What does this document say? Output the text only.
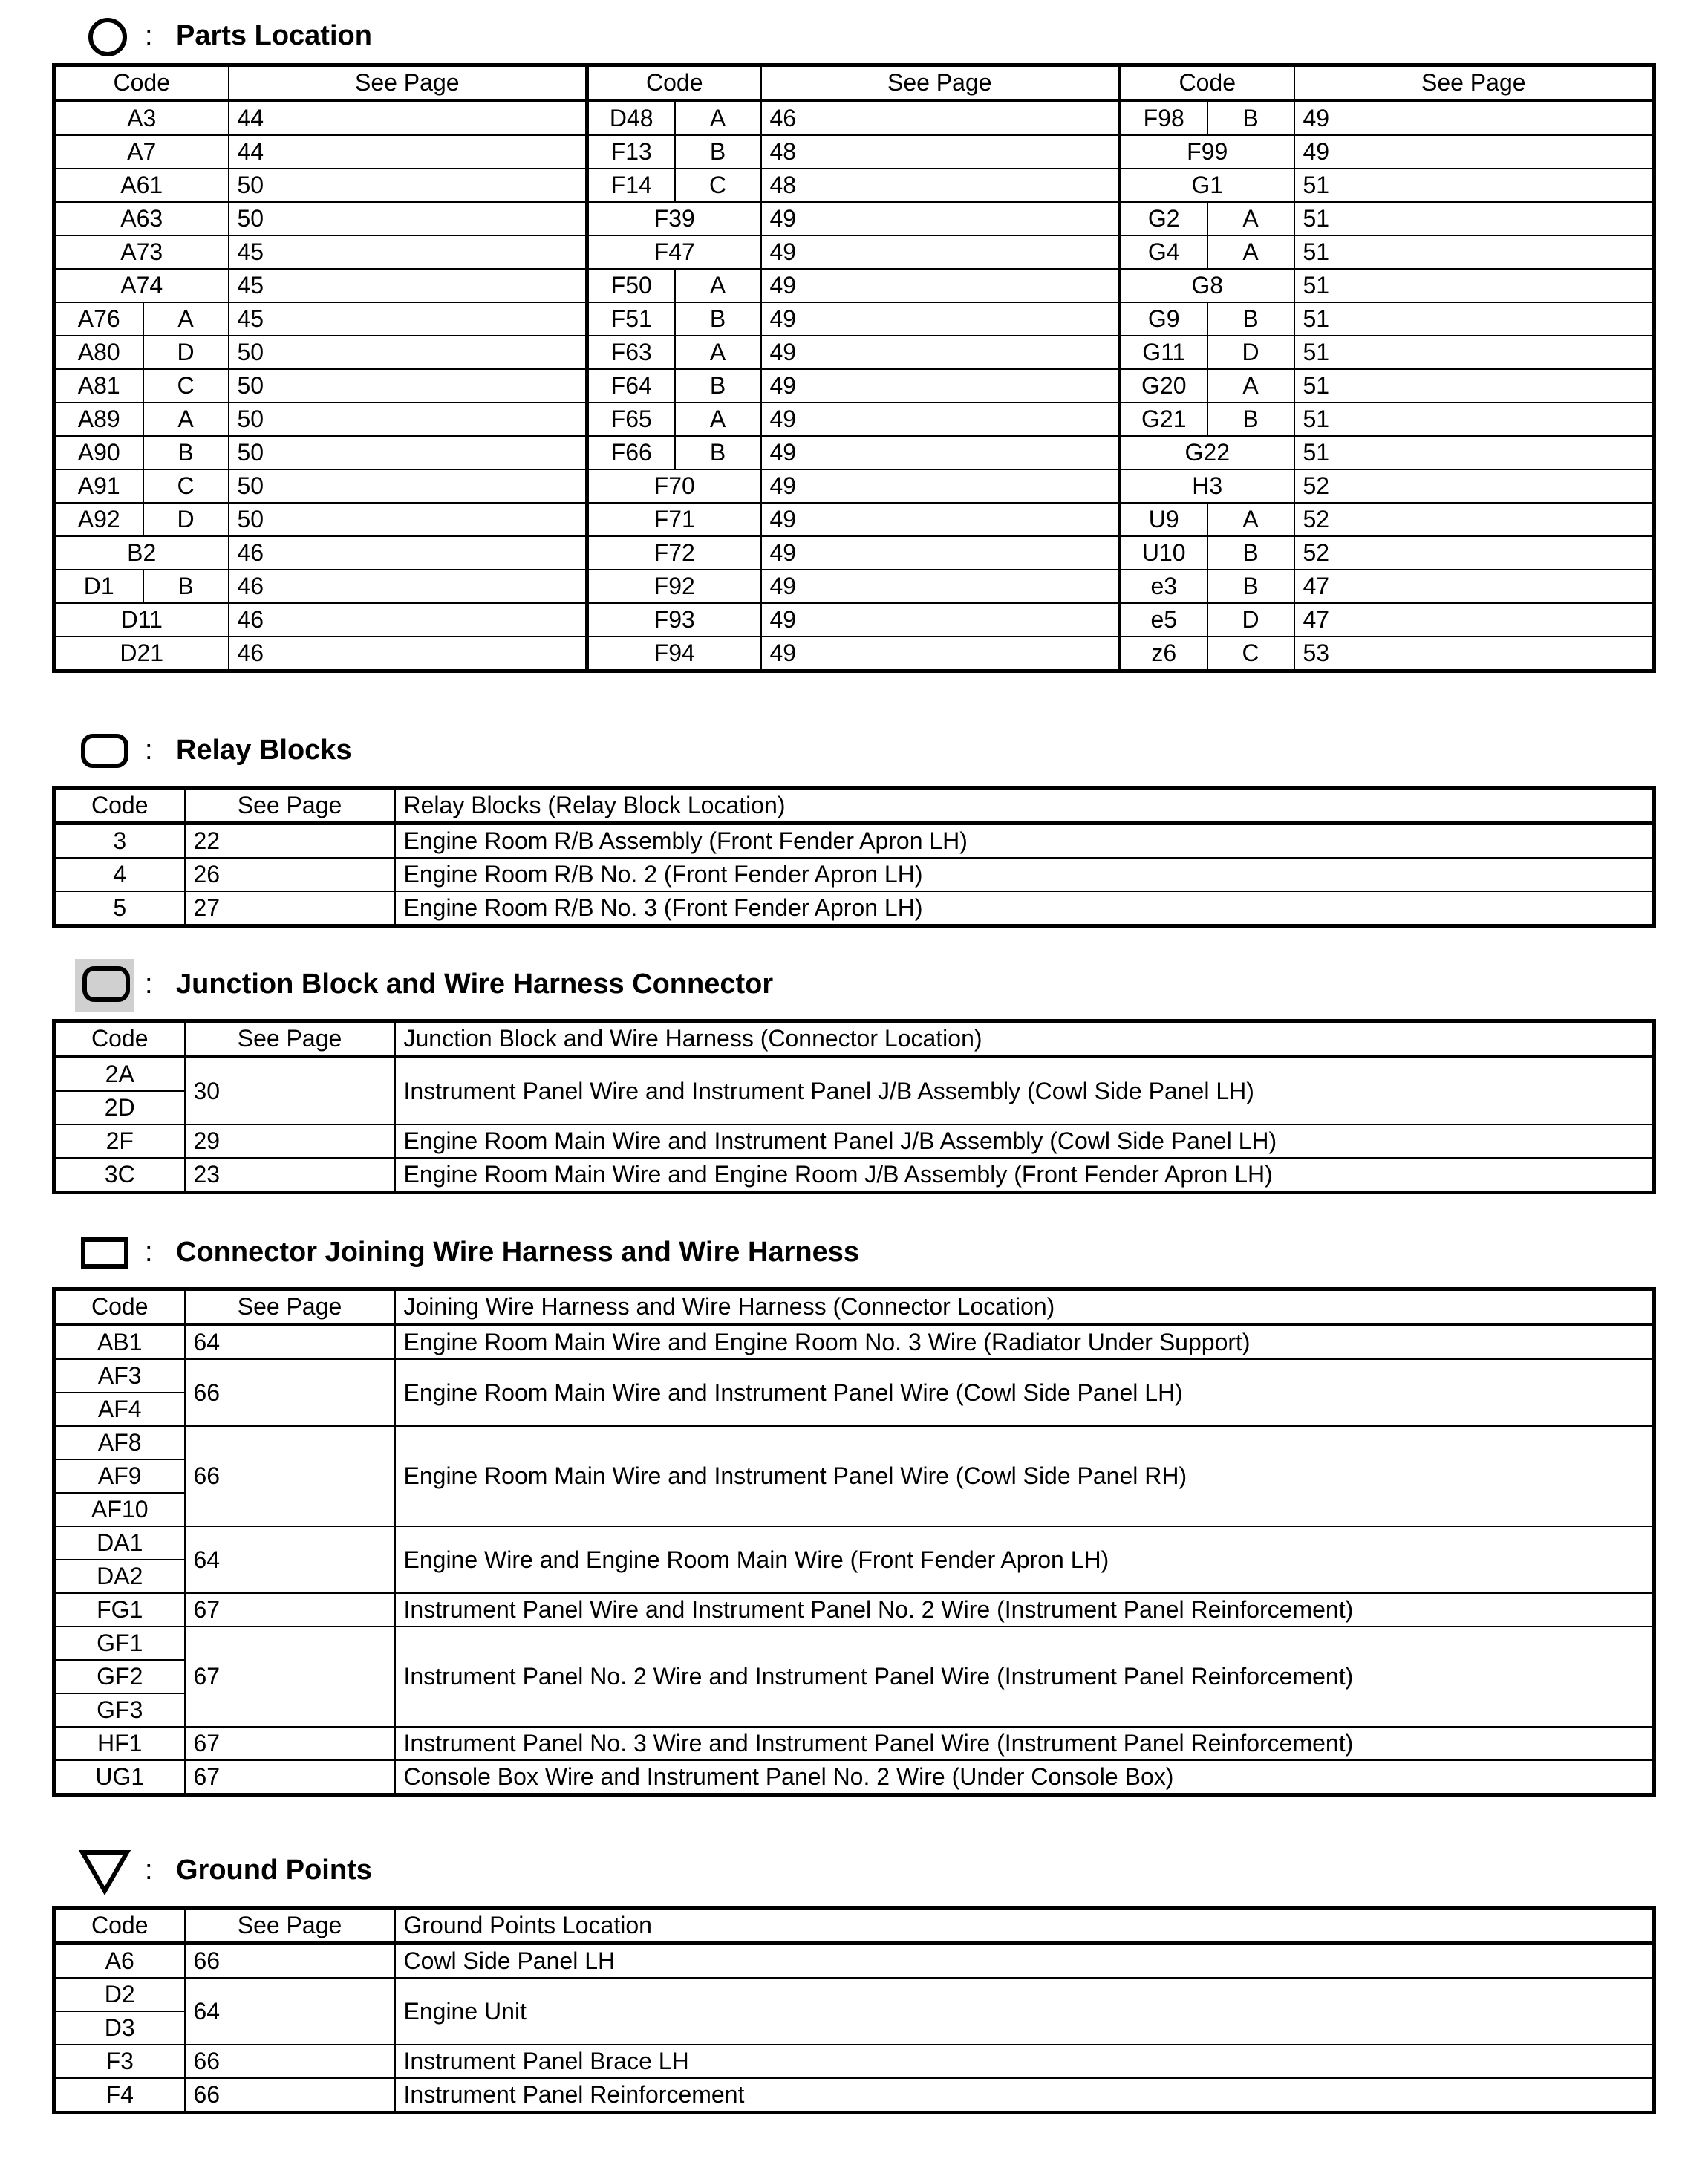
: Parts Location
Code		See Page	Code		See Page	Code		See Page
A3		44	D48	A	46	F98	B	49
A7		44	F13	B	48	F99		49
A61		50	F14	C	48	G1		51
A63		50	F39		49	G2	A	51
A73		45	F47		49	G4	A	51
A74		45	F50	A	49	G8		51
A76	A	45	F51	B	49	G9	B	51
A80	D	50	F63	A	49	G11	D	51
A81	C	50	F64	B	49	G20	A	51
A89	A	50	F65	A	49	G21	B	51
A90	B	50	F66	B	49	G22		51
A91	C	50	F70		49	H3		52
A92	D	50	F71		49	U9	A	52
B2		46	F72		49	U10	B	52
D1	B	46	F92		49	e3	B	47
D11		46	F93		49	e5	D	47
D21		46	F94		49	z6	C	53
: Relay Blocks
Code	See Page	Relay Blocks (Relay Block Location)
3	22	Engine Room R/B Assembly (Front Fender Apron LH)
4	26	Engine Room R/B No. 2 (Front Fender Apron LH)
5	27	Engine Room R/B No. 3 (Front Fender Apron LH)
: Junction Block and Wire Harness Connector
Code	See Page	Junction Block and Wire Harness (Connector Location)
2A	30	Instrument Panel Wire and Instrument Panel J/B Assembly (Cowl Side Panel LH)
2D		
2F	29	Engine Room Main Wire and Instrument Panel J/B Assembly (Cowl Side Panel LH)
3C	23	Engine Room Main Wire and Engine Room J/B Assembly (Front Fender Apron LH)
: Connector Joining Wire Harness and Wire Harness
Code	See Page	Joining Wire Harness and Wire Harness (Connector Location)
AB1	64	Engine Room Main Wire and Engine Room No. 3 Wire (Radiator Under Support)
AF3	66	Engine Room Main Wire and Instrument Panel Wire (Cowl Side Panel LH)
AF4		
AF8	66	Engine Room Main Wire and Instrument Panel Wire (Cowl Side Panel RH)
AF9		
AF10		
DA1	64	Engine Wire and Engine Room Main Wire (Front Fender Apron LH)
DA2		
FG1	67	Instrument Panel Wire and Instrument Panel No. 2 Wire (Instrument Panel Reinforcement)
GF1	67	Instrument Panel No. 2 Wire and Instrument Panel Wire (Instrument Panel Reinforcement)
GF2		
GF3		
HF1	67	Instrument Panel No. 3 Wire and Instrument Panel Wire (Instrument Panel Reinforcement)
UG1	67	Console Box Wire and Instrument Panel No. 2 Wire (Under Console Box)
: Ground Points
Code	See Page	Ground Points Location
A6	66	Cowl Side Panel LH
D2	64	Engine Unit
D3		
F3	66	Instrument Panel Brace LH
F4	66	Instrument Panel Reinforcement
